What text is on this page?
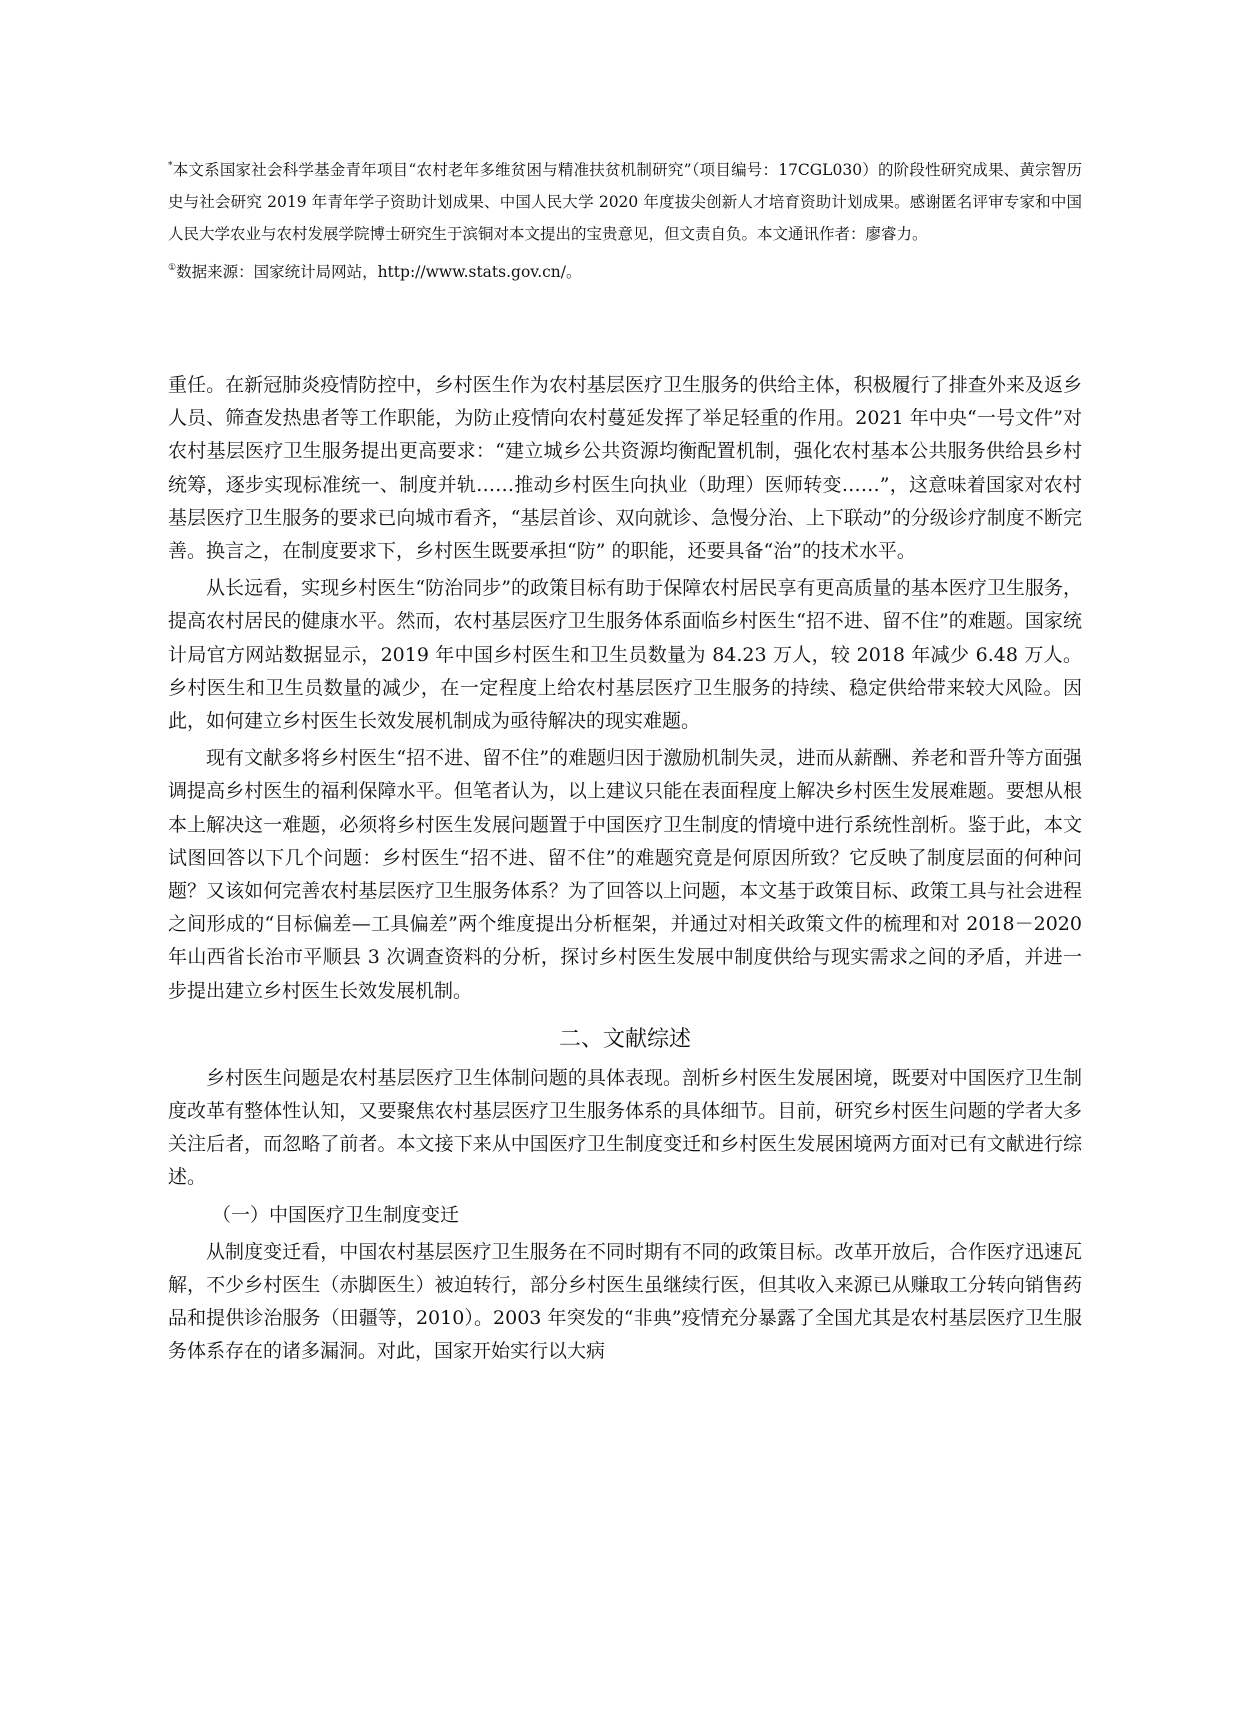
*本文系国家社会科学基金青年项目“农村老年多维贫困与精准扶贫机制研究”（项目编号：17CGL030）的阶段性研究成果、黄宗智历史与社会研究 2019 年青年学子资助计划成果、中国人民大学 2020 年度拔尖创新人才培育资助计划成果。感谢匿名评审专家和中国人民大学农业与农村发展学院博士研究生于滨铜对本文提出的宝贵意见，但文责自负。本文通讯作者：廖睿力。

①数据来源：国家统计局网站，http://www.stats.gov.cn/。

重任。在新冠肺炎疫情防控中，乡村医生作为农村基层医疗卫生服务的供给主体，积极履行了排查外来及返乡人员、筛查发热患者等工作职能，为防止疫情向农村蔓延发挥了举足轻重的作用。2021 年中央“一号文件”对农村基层医疗卫生服务提出更高要求：“建立城乡公共资源均衡配置机制，强化农村基本公共服务供给县乡村统筹，逐步实现标准统一、制度并轨……推动乡村医生向执业（助理）医师转变……”，这意味着国家对农村基层医疗卫生服务的要求已向城市看齐，“基层首诊、双向就诊、急慢分治、上下联动”的分级诊疗制度不断完善。换言之，在制度要求下，乡村医生既要承担“防” 的职能，还要具备“治”的技术水平。

从长远看，实现乡村医生“防治同步”的政策目标有助于保障农村居民享有更高质量的基本医疗卫生服务，提高农村居民的健康水平。然而，农村基层医疗卫生服务体系面临乡村医生“招不进、留不住”的难题。国家统计局官方网站数据显示，2019 年中国乡村医生和卫生员数量为 84.23 万人，较 2018 年减少 6.48 万人。乡村医生和卫生员数量的减少，在一定程度上给农村基层医疗卫生服务的持续、稳定供给带来较大风险。因此，如何建立乡村医生长效发展机制成为亟待解决的现实难题。

现有文献多将乡村医生“招不进、留不住”的难题归因于激励机制失灵，进而从薪酬、养老和晋升等方面强调提高乡村医生的福利保障水平。但笔者认为，以上建议只能在表面程度上解决乡村医生发展难题。要想从根本上解决这一难题，必须将乡村医生发展问题置于中国医疗卫生制度的情境中进行系统性剖析。鉴于此，本文试图回答以下几个问题：乡村医生“招不进、留不住”的难题究竟是何原因所致？它反映了制度层面的何种问题？又该如何完善农村基层医疗卫生服务体系？为了回答以上问题，本文基于政策目标、政策工具与社会进程之间形成的“目标偏差—工具偏差”两个维度提出分析框架，并通过对相关政策文件的梳理和对 2018－2020 年山西省长治市平顺县 3 次调查资料的分析，探讨乡村医生发展中制度供给与现实需求之间的矛盾，并进一步提出建立乡村医生长效发展机制。

二、文献综述

乡村医生问题是农村基层医疗卫生体制问题的具体表现。剖析乡村医生发展困境，既要对中国医疗卫生制度改革有整体性认知，又要聚焦农村基层医疗卫生服务体系的具体细节。目前，研究乡村医生问题的学者大多关注后者，而忽略了前者。本文接下来从中国医疗卫生制度变迁和乡村医生发展困境两方面对已有文献进行综述。

（一）中国医疗卫生制度变迁

从制度变迁看，中国农村基层医疗卫生服务在不同时期有不同的政策目标。改革开放后，合作医疗迅速瓦解，不少乡村医生（赤脚医生）被迫转行，部分乡村医生虽继续行医，但其收入来源已从赚取工分转向销售药品和提供诊治服务（田疆等，2010）。2003 年突发的“非典”疫情充分暴露了全国尤其是农村基层医疗卫生服务体系存在的诸多漏洞。对此，国家开始实行以大病
